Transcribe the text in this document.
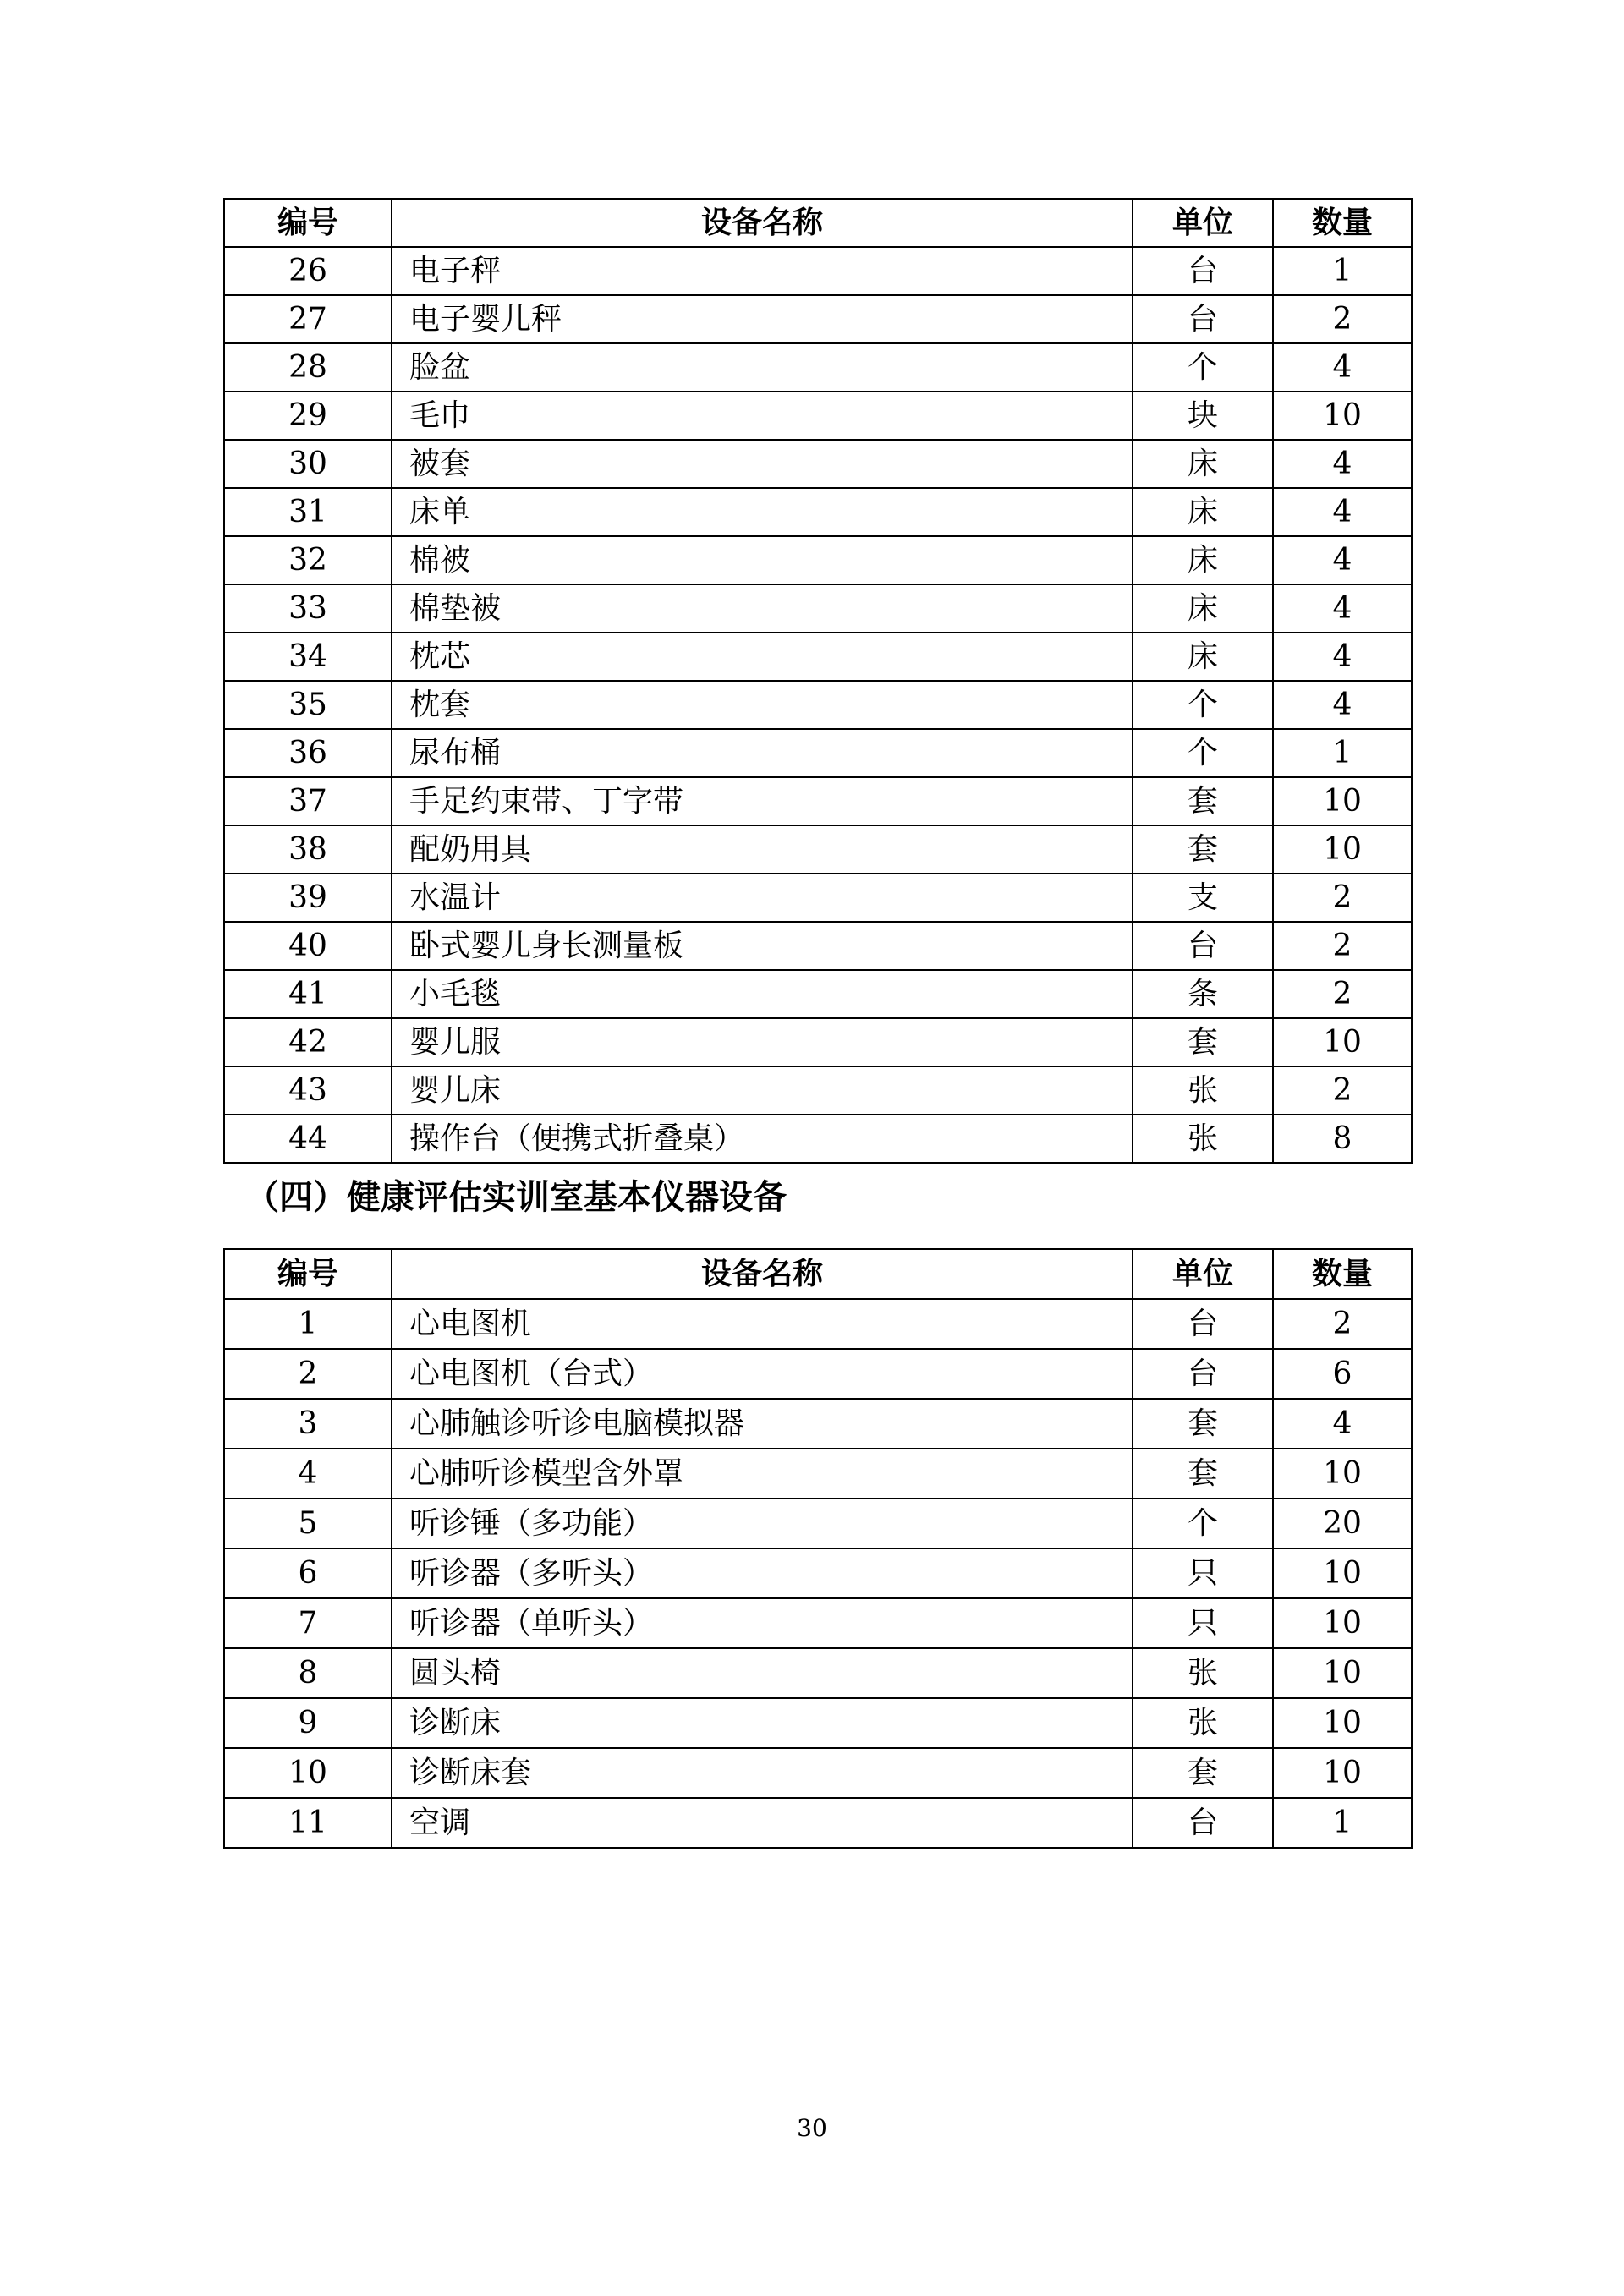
编号	设备名称	单位	数量
26	电子秤	台	1
27	电子婴儿秤	台	2
28	脸盆	个	4
29	毛巾	块	10
30	被套	床	4
31	床单	床	4
32	棉被	床	4
33	棉垫被	床	4
34	枕芯	床	4
35	枕套	个	4
36	尿布桶	个	1
37	手足约束带、丁字带	套	10
38	配奶用具	套	10
39	水温计	支	2
40	卧式婴儿身长测量板	台	2
41	小毛毯	条	2
42	婴儿服	套	10
43	婴儿床	张	2
44	操作台（便携式折叠桌）	张	8
（四）健康评估实训室基本仪器设备
编号	设备名称	单位	数量
1	心电图机	台	2
2	心电图机（台式）	台	6
3	心肺触诊听诊电脑模拟器	套	4
4	心肺听诊模型含外罩	套	10
5	听诊锤（多功能）	个	20
6	听诊器（多听头）	只	10
7	听诊器（单听头）	只	10
8	圆头椅	张	10
9	诊断床	张	10
10	诊断床套	套	10
11	空调	台	1
30
